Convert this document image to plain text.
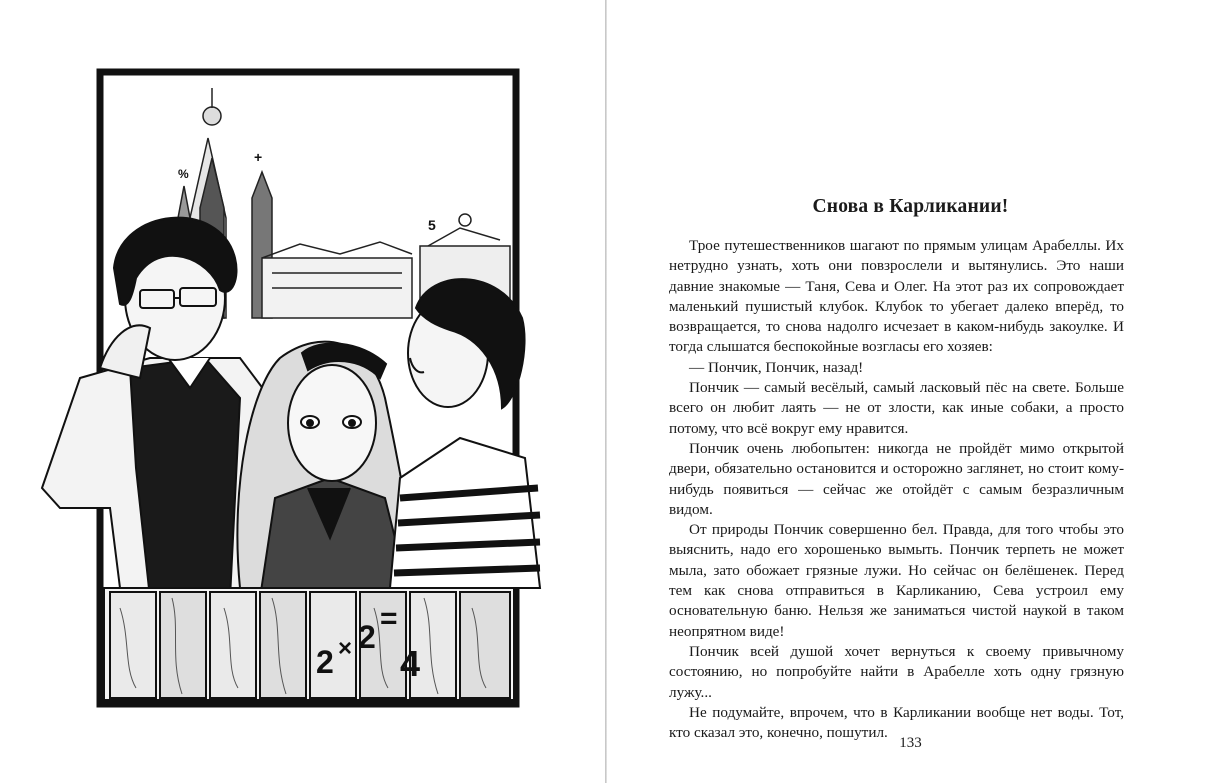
5
+
%
2 × 2
=
4
Снова в Карликании!

Трое путешественников шагают по прямым улицам Арабеллы. Их нетрудно узнать, хоть они повзрослели и вытянулись. Это наши давние знакомые — Таня, Сева и Олег. На этот раз их сопровождает маленький пушистый клубок. Клубок то убегает далеко вперёд, то возвращается, то снова надолго исчезает в каком-нибудь закоулке. И тогда слышатся беспокойные возгласы его хозяев:

— Пончик, Пончик, назад!

Пончик — самый весёлый, самый ласковый пёс на свете. Больше всего он любит лаять — не от злости, как иные собаки, а просто потому, что всё вокруг ему нравится.

Пончик очень любопытен: никогда не пройдёт мимо открытой двери, обязательно остановится и осторожно заглянет, но стоит кому-нибудь появиться — сейчас же отойдёт с самым безразличным видом.

От природы Пончик совершенно бел. Правда, для того чтобы это выяснить, надо его хорошенько вымыть. Пончик терпеть не может мыла, зато обожает грязные лужи. Но сейчас он белёшенек. Перед тем как снова отправиться в Карликанию, Сева устроил ему основательную баню. Нельзя же заниматься чистой наукой в таком неопрятном виде!

Пончик всей душой хочет вернуться к своему привычному состоянию, но попробуйте найти в Арабелле хоть одну грязную лужу...

Не подумайте, впрочем, что в Карликании вообще нет воды. Тот, кто сказал это, конечно, пошутил.

133
